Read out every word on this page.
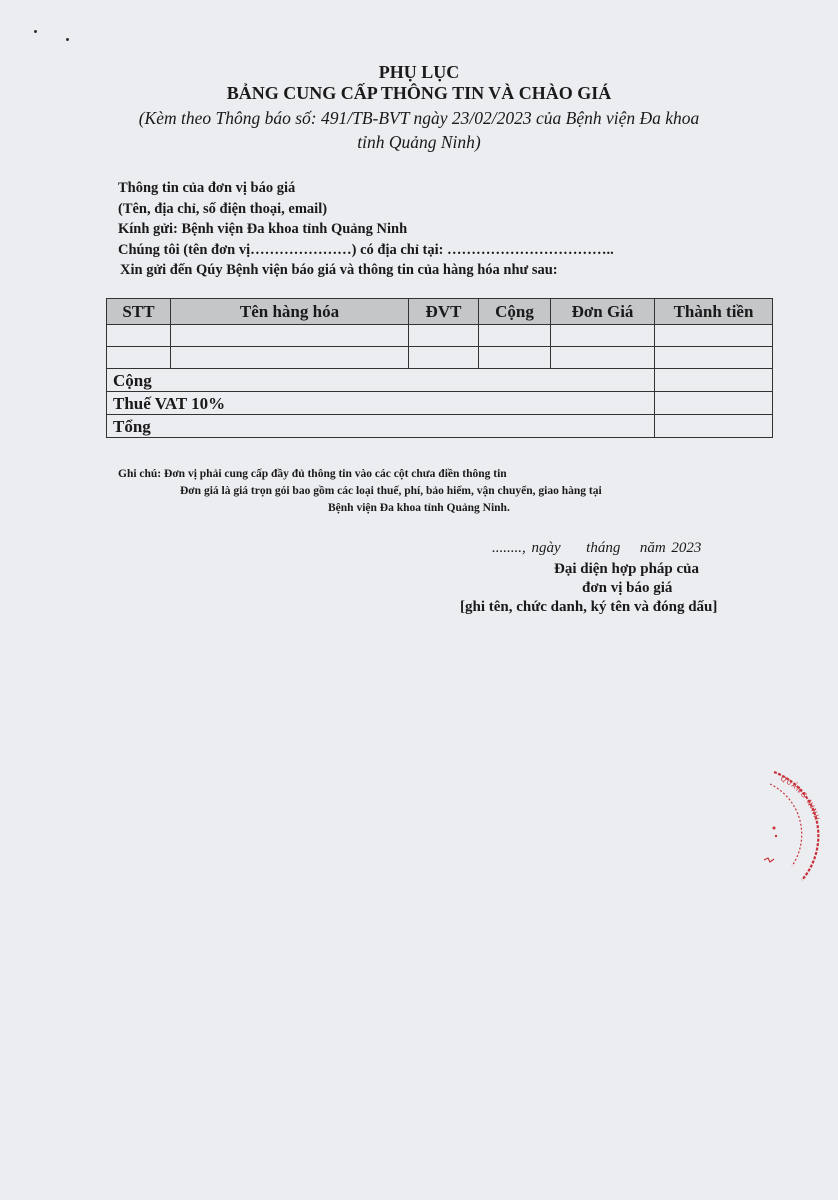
PHỤ LỤC
BẢNG CUNG CẤP THÔNG TIN VÀ CHÀO GIÁ
(Kèm theo Thông báo số: 491/TB-BVT ngày 23/02/2023 của Bệnh viện Đa khoa
tỉnh Quảng Ninh)
Thông tin của đơn vị báo giá
(Tên, địa chỉ, số điện thoại, email)
Kính gửi: Bệnh viện Đa khoa tỉnh Quảng Ninh
Chúng tôi (tên đơn vị…………………) có địa chỉ tại: ……………………………..
Xin gửi đến Qúy Bệnh viện báo giá và thông tin của hàng hóa như sau:
STT	Tên hàng hóa	ĐVT	Cộng	Đơn Giá	Thành tiền

Cộng					
Thuế VAT 10%					
Tổng					
Ghi chú: Đơn vị phải cung cấp đầy đủ thông tin vào các cột chưa điền thông tin
Đơn giá là giá trọn gói bao gồm các loại thuế, phí, bảo hiểm, vận chuyển, giao hàng tại
Bệnh viện Đa khoa tỉnh Quảng Ninh.
........, ngày tháng năm 2023
Đại diện hợp pháp của
đơn vị báo giá
[ghi tên, chức danh, ký tên và đóng dấu]
QUẢNG NINH
